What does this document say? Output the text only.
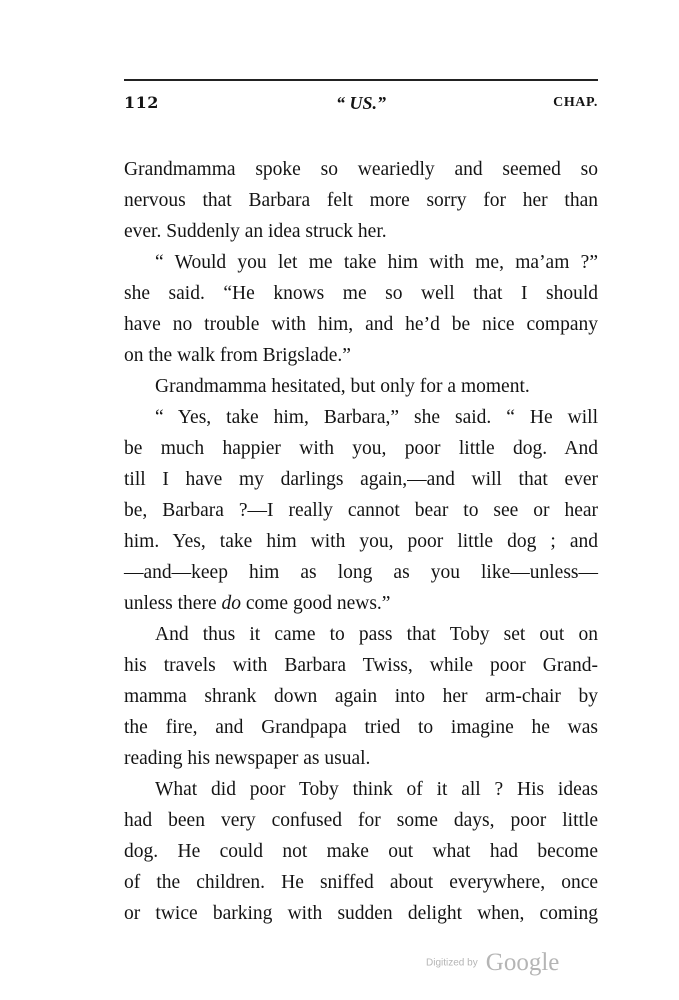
112	“ US.”	CHAP.
Grandmamma spoke so weariedly and seemed so
nervous that Barbara felt more sorry for her than
ever. Suddenly an idea struck her.
“ Would you let me take him with me, ma’am ?”
she said. “He knows me so well that I should
have no trouble with him, and he’d be nice company
on the walk from Brigslade.”
Grandmamma hesitated, but only for a moment.
“ Yes, take him, Barbara,” she said. “ He will
be much happier with you, poor little dog. And
till I have my darlings again,—and will that ever
be, Barbara ?—I really cannot bear to see or hear
him. Yes, take him with you, poor little dog ; and
—and—keep him as long as you like—unless—
unless there do come good news.”
And thus it came to pass that Toby set out on
his travels with Barbara Twiss, while poor Grand-
mamma shrank down again into her arm-chair by
the fire, and Grandpapa tried to imagine he was
reading his newspaper as usual.
What did poor Toby think of it all ? His ideas
had been very confused for some days, poor little
dog. He could not make out what had become
of the children. He sniffed about everywhere, once
or twice barking with sudden delight when, coming
Digitized by Google
